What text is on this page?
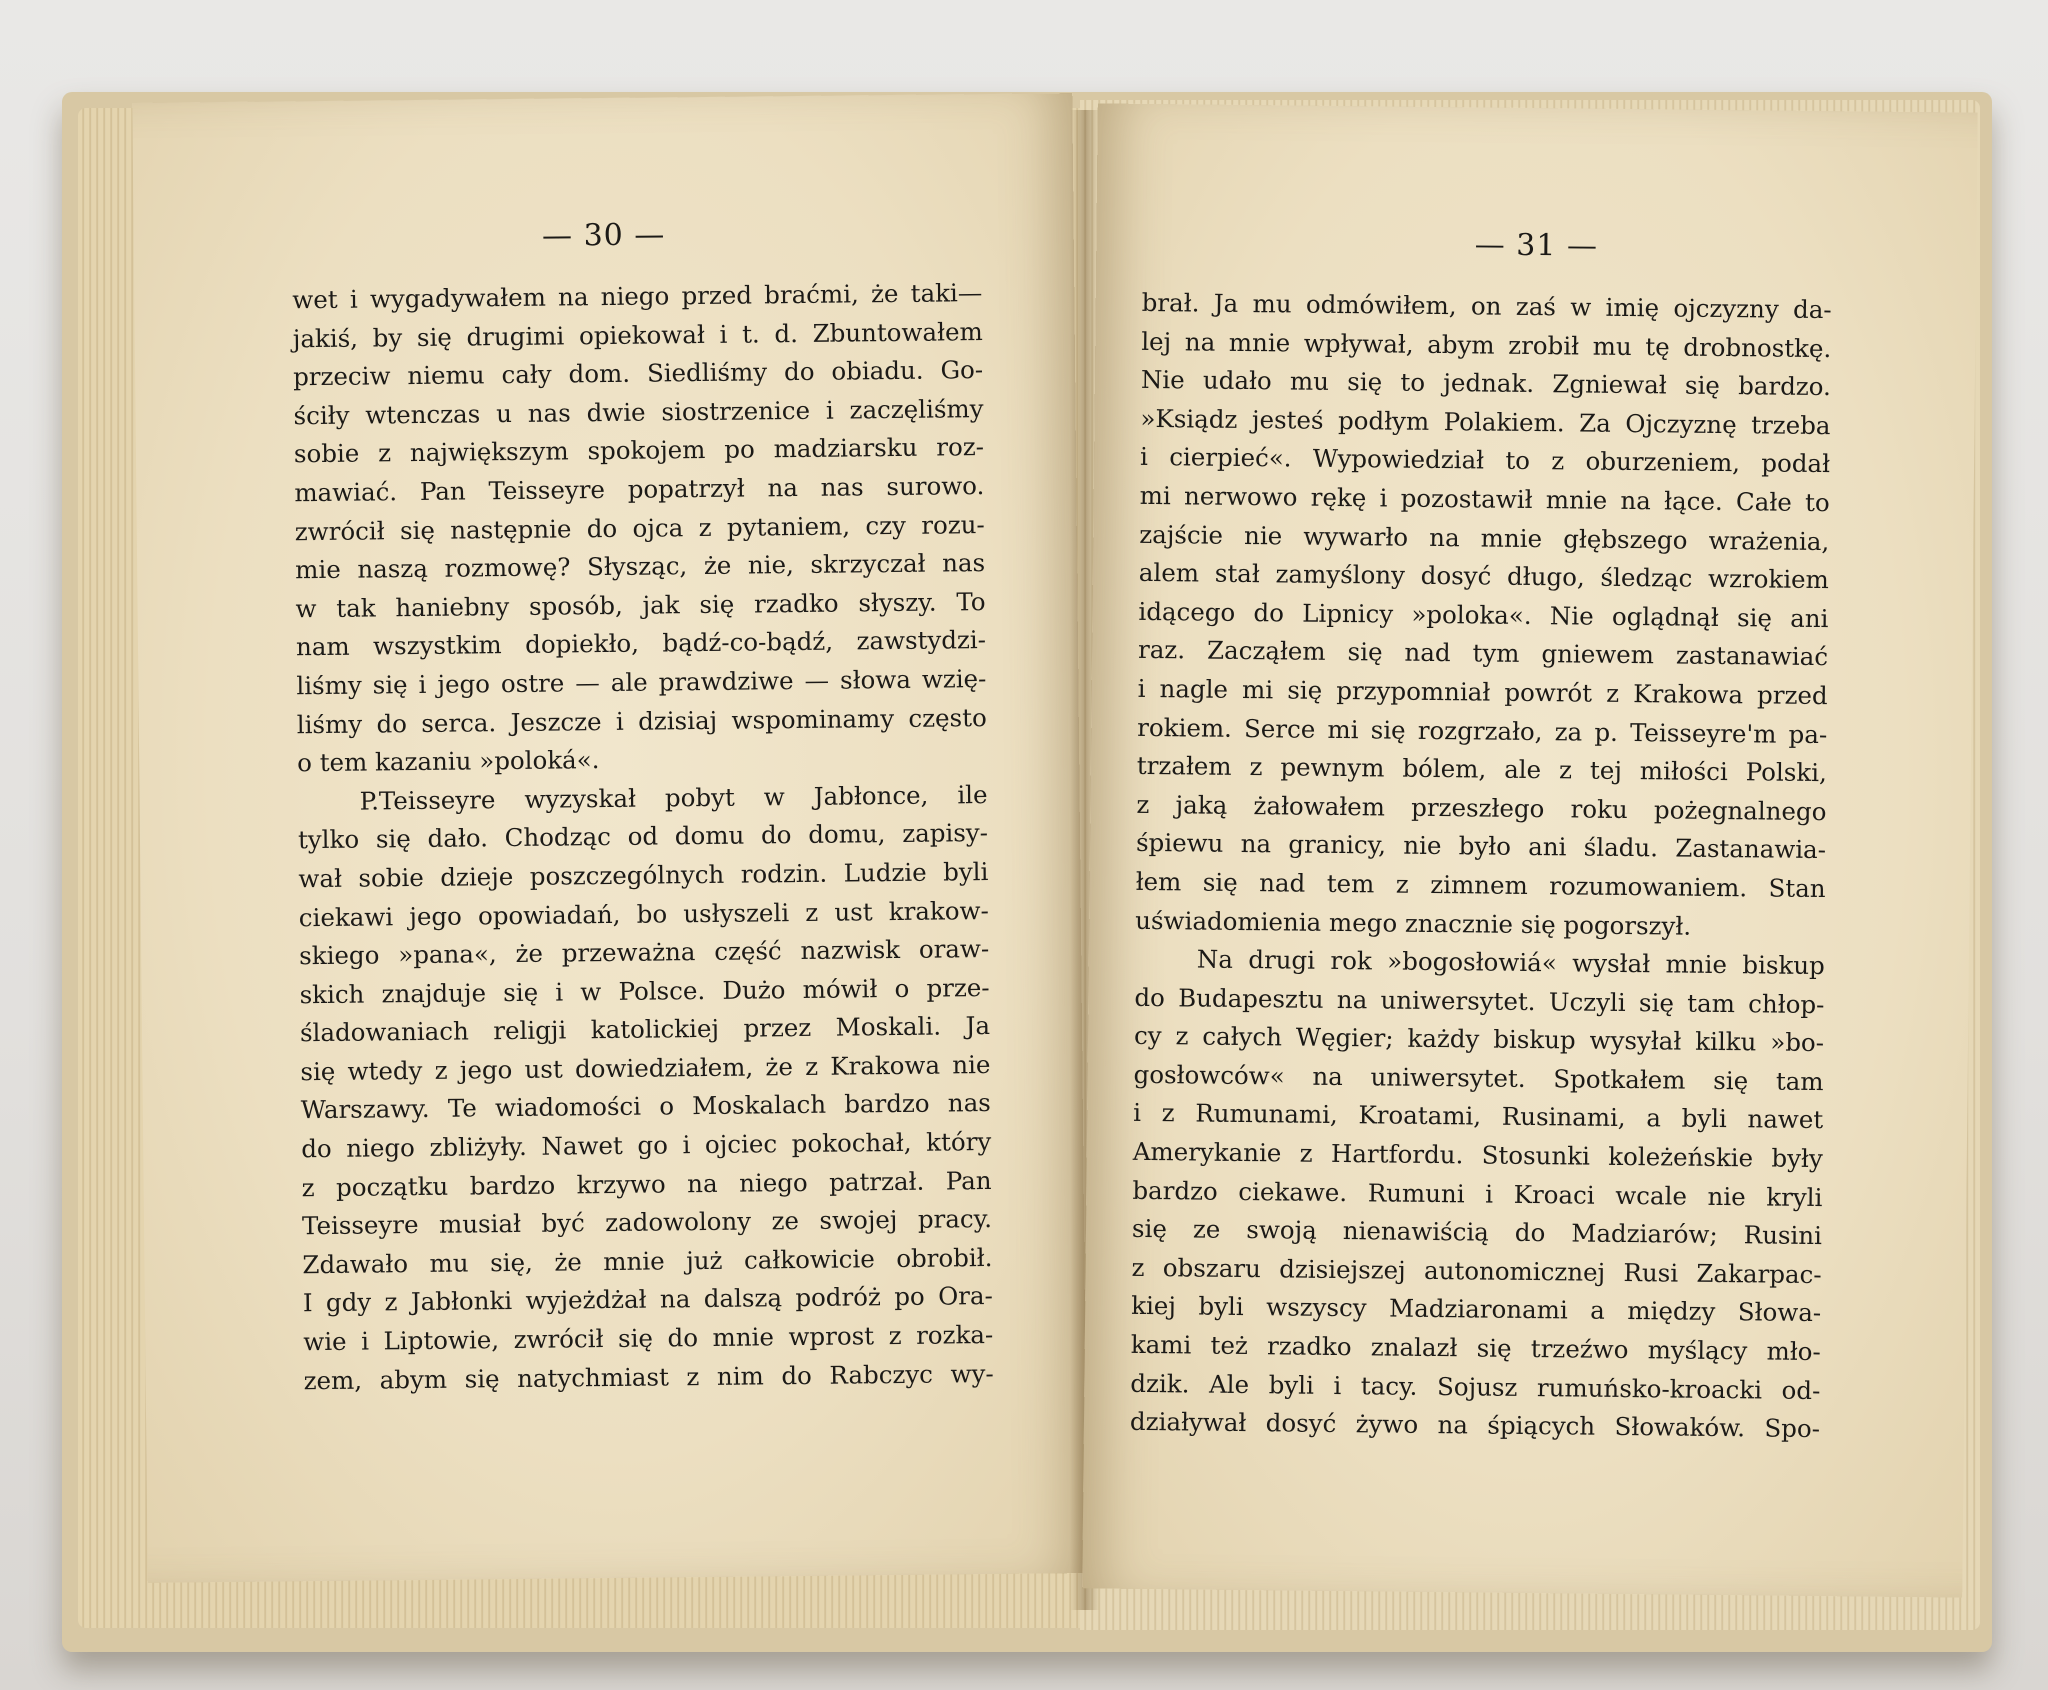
— 30 —
wet i wygadywałem na niego przed braćmi, że taki—
jakiś, by się drugimi opiekował i t. d. Zbuntowałem
przeciw niemu cały dom. Siedliśmy do obiadu. Go-
ściły wtenczas u nas dwie siostrzenice i zaczęliśmy
sobie z największym spokojem po madziarsku roz-
mawiać. Pan Teisseyre popatrzył na nas surowo.
zwrócił się następnie do ojca z pytaniem, czy rozu-
mie naszą rozmowę? Słysząc, że nie, skrzyczał nas
w tak haniebny sposób, jak się rzadko słyszy. To
nam wszystkim dopiekło, bądź-co-bądź, zawstydzi-
liśmy się i jego ostre — ale prawdziwe — słowa wzię-
liśmy do serca. Jeszcze i dzisiaj wspominamy często
o tem kazaniu »poloká«.
P.Teisseyre wyzyskał pobyt w Jabłonce, ile
tylko się dało. Chodząc od domu do domu, zapisy-
wał sobie dzieje poszczególnych rodzin. Ludzie byli
ciekawi jego opowiadań, bo usłyszeli z ust krakow-
skiego »pana«, że przeważna część nazwisk oraw-
skich znajduje się i w Polsce. Dużo mówił o prze-
śladowaniach religji katolickiej przez Moskali. Ja
się wtedy z jego ust dowiedziałem, że z Krakowa nie
Warszawy. Te wiadomości o Moskalach bardzo nas
do niego zbliżyły. Nawet go i ojciec pokochał, który
z początku bardzo krzywo na niego patrzał. Pan
Teisseyre musiał być zadowolony ze swojej pracy.
Zdawało mu się, że mnie już całkowicie obrobił.
I gdy z Jabłonki wyjeżdżał na dalszą podróż po Ora-
wie i Liptowie, zwrócił się do mnie wprost z rozka-
zem, abym się natychmiast z nim do Rabczyc wy-
— 31 —
brał. Ja mu odmówiłem, on zaś w imię ojczyzny da-
lej na mnie wpływał, abym zrobił mu tę drobnostkę.
Nie udało mu się to jednak. Zgniewał się bardzo.
»Ksiądz jesteś podłym Polakiem. Za Ojczyznę trzeba
i cierpieć«. Wypowiedział to z oburzeniem, podał
mi nerwowo rękę i pozostawił mnie na łące. Całe to
zajście nie wywarło na mnie głębszego wrażenia,
alem stał zamyślony dosyć długo, śledząc wzrokiem
idącego do Lipnicy »poloka«. Nie oglądnął się ani
raz. Zacząłem się nad tym gniewem zastanawiać
i nagle mi się przypomniał powrót z Krakowa przed
rokiem. Serce mi się rozgrzało, za p. Teisseyre'm pa-
trzałem z pewnym bólem, ale z tej miłości Polski,
z jaką żałowałem przeszłego roku pożegnalnego
śpiewu na granicy, nie było ani śladu. Zastanawia-
łem się nad tem z zimnem rozumowaniem. Stan
uświadomienia mego znacznie się pogorszył.
Na drugi rok »bogosłowiá« wysłał mnie biskup
do Budapesztu na uniwersytet. Uczyli się tam chłop-
cy z całych Węgier; każdy biskup wysyłał kilku »bo-
gosłowców« na uniwersytet. Spotkałem się tam
i z Rumunami, Kroatami, Rusinami, a byli nawet
Amerykanie z Hartfordu. Stosunki koleżeńskie były
bardzo ciekawe. Rumuni i Kroaci wcale nie kryli
się ze swoją nienawiścią do Madziarów; Rusini
z obszaru dzisiejszej autonomicznej Rusi Zakarpac-
kiej byli wszyscy Madziaronami a między Słowa-
kami też rzadko znalazł się trzeźwo myślący mło-
dzik. Ale byli i tacy. Sojusz rumuńsko-kroacki od-
działywał dosyć żywo na śpiących Słowaków. Spo-
